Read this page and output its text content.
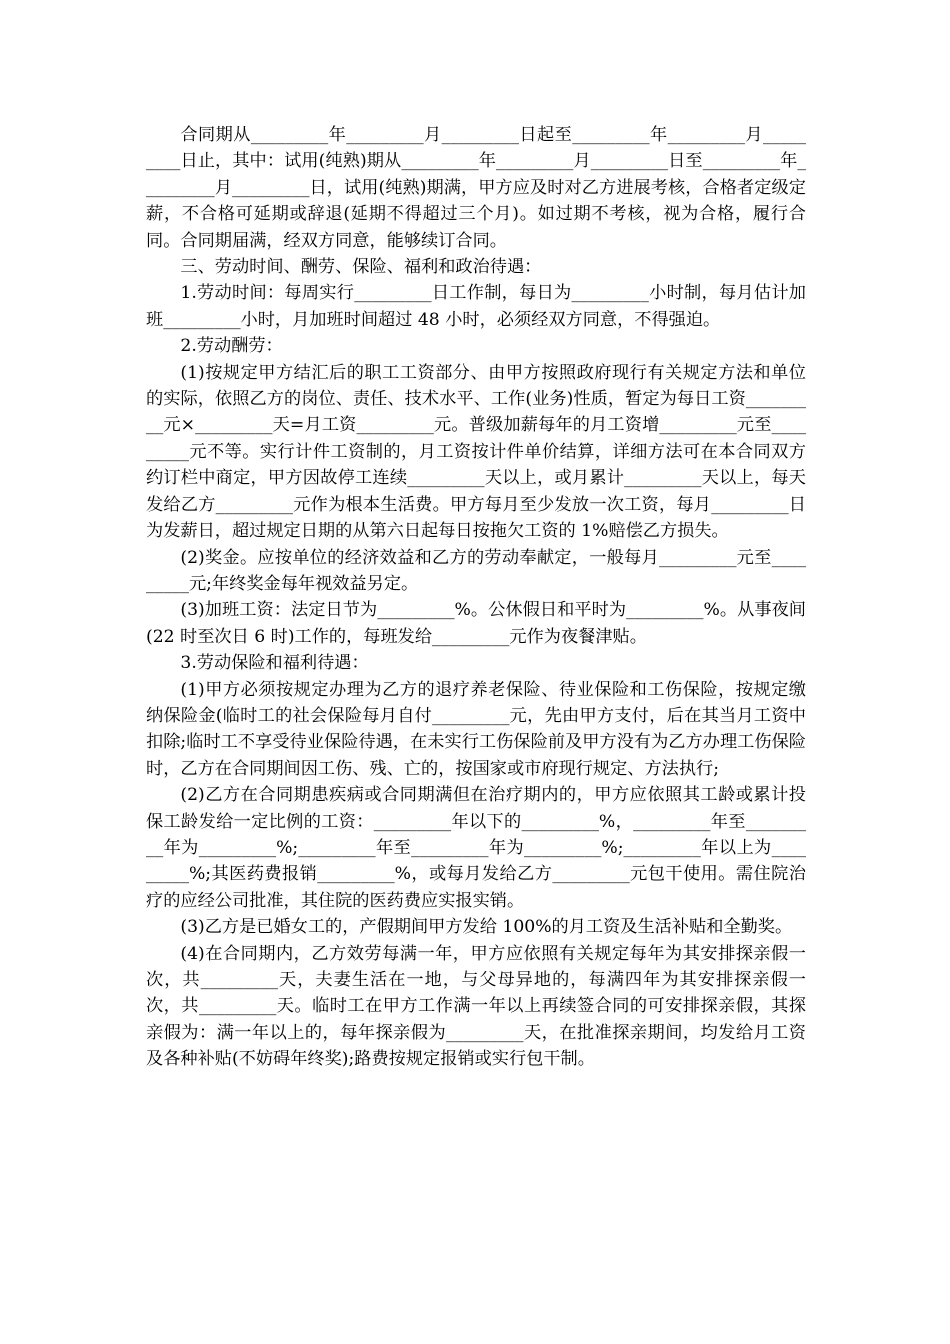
合同期从_________年_________月_________日起至_________年_________月_________日止，其中：试用(纯熟)期从_________年_________月_________日至_________年_________月_________日，试用(纯熟)期满，甲方应及时对乙方进展考核，合格者定级定薪，不合格可延期或辞退(延期不得超过三个月)。如过期不考核，视为合格，履行合同。合同期届满，经双方同意，能够续订合同。

三、劳动时间、酬劳、保险、福利和政治待遇：

1.劳动时间：每周实行_________日工作制，每日为_________小时制，每月估计加班_________小时，月加班时间超过 48 小时，必须经双方同意，不得强迫。

2.劳动酬劳：

(1)按规定甲方结汇后的职工工资部分、由甲方按照政府现行有关规定方法和单位的实际，依照乙方的岗位、责任、技术水平、工作(业务)性质，暂定为每日工资_________元×_________天=月工资_________元。普级加薪每年的月工资增_________元至_________元不等。实行计件工资制的，月工资按计件单价结算，详细方法可在本合同双方约订栏中商定，甲方因故停工连续_________天以上，或月累计_________天以上，每天发给乙方_________元作为根本生活费。甲方每月至少发放一次工资，每月_________日为发薪日，超过规定日期的从第六日起每日按拖欠工资的 1%赔偿乙方损失。

(2)奖金。应按单位的经济效益和乙方的劳动奉献定，一般每月_________元至_________元;年终奖金每年视效益另定。

(3)加班工资：法定日节为_________%。公休假日和平时为_________%。从事夜间(22 时至次日 6 时)工作的，每班发给_________元作为夜餐津贴。

3.劳动保险和福利待遇：

(1)甲方必须按规定办理为乙方的退疗养老保险、待业保险和工伤保险，按规定缴纳保险金(临时工的社会保险每月自付_________元，先由甲方支付，后在其当月工资中扣除;临时工不享受待业保险待遇，在未实行工伤保险前及甲方没有为乙方办理工伤保险时，乙方在合同期间因工伤、残、亡的，按国家或市府现行规定、方法执行;

(2)乙方在合同期患疾病或合同期满但在治疗期内的，甲方应依照其工龄或累计投保工龄发给一定比例的工资：_________年以下的_________%，_________年至_________年为_________%;_________年至_________年为_________%;_________年以上为_________%;其医药费报销_________%，或每月发给乙方_________元包干使用。需住院治疗的应经公司批准，其住院的医药费应实报实销。

(3)乙方是已婚女工的，产假期间甲方发给 100%的月工资及生活补贴和全勤奖。

(4)在合同期内，乙方效劳每满一年，甲方应依照有关规定每年为其安排探亲假一次，共_________天，夫妻生活在一地，与父母异地的，每满四年为其安排探亲假一次，共_________天。临时工在甲方工作满一年以上再续签合同的可安排探亲假，其探亲假为：满一年以上的，每年探亲假为_________天，在批准探亲期间，均发给月工资及各种补贴(不妨碍年终奖);路费按规定报销或实行包干制。
